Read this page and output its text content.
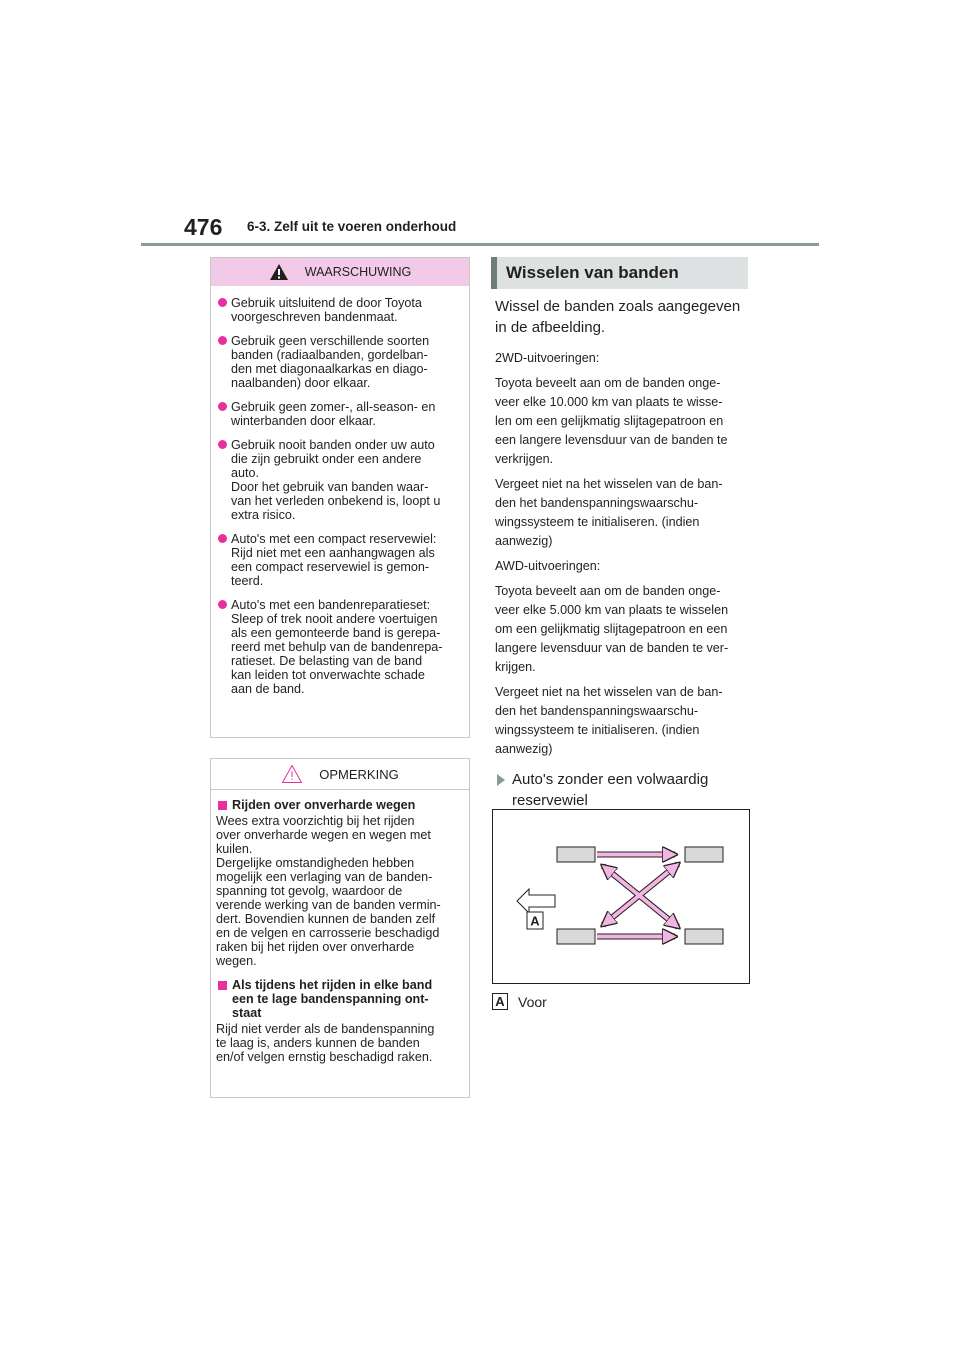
476 6-3. Zelf uit te voeren onderhoud
WAARSCHUWING
Gebruik uitsluitend de door Toyota
voorgeschreven bandenmaat.
Gebruik geen verschillende soorten
banden (radiaalbanden, gordelban-
den met diagonaalkarkas en diago-
naalbanden) door elkaar.
Gebruik geen zomer-, all-season- en
winterbanden door elkaar.
Gebruik nooit banden onder uw auto
die zijn gebruikt onder een andere
auto.
Door het gebruik van banden waar-
van het verleden onbekend is, loopt u
extra risico.
Auto's met een compact reservewiel:
Rijd niet met een aanhangwagen als
een compact reservewiel is gemon-
teerd.
Auto's met een bandenreparatieset:
Sleep of trek nooit andere voertuigen
als een gemonteerde band is gerepa-
reerd met behulp van de bandenrepa-
ratieset. De belasting van de band
kan leiden tot onverwachte schade
aan de band.
OPMERKING
Rijden over onverharde wegen
Wees extra voorzichtig bij het rijden
over onverharde wegen en wegen met
kuilen.
Dergelijke omstandigheden hebben
mogelijk een verlaging van de banden-
spanning tot gevolg, waardoor de
verende werking van de banden vermin-
dert. Bovendien kunnen de banden zelf
en de velgen en carrosserie beschadigd
raken bij het rijden over onverharde
wegen.
Als tijdens het rijden in elke band
een te lage bandenspanning ont-
staat
Rijd niet verder als de bandenspanning
te laag is, anders kunnen de banden
en/of velgen ernstig beschadigd raken.
Wisselen van banden
Wissel de banden zoals aangegeven
in de afbeelding.
2WD-uitvoeringen:
Toyota beveelt aan om de banden onge-
veer elke 10.000 km van plaats te wisse-
len om een gelijkmatig slijtagepatroon en
een langere levensduur van de banden te
verkrijgen.
Vergeet niet na het wisselen van de ban-
den het bandenspanningswaarschu-
wingssysteem te initialiseren. (indien
aanwezig)
AWD-uitvoeringen:
Toyota beveelt aan om de banden onge-
veer elke 5.000 km van plaats te wisselen
om een gelijkmatig slijtagepatroon en een
langere levensduur van de banden te ver-
krijgen.
Vergeet niet na het wisselen van de ban-
den het bandenspanningswaarschu-
wingssysteem te initialiseren. (indien
aanwezig)
Auto's zonder een volwaardig
reservewiel
A
A Voor
